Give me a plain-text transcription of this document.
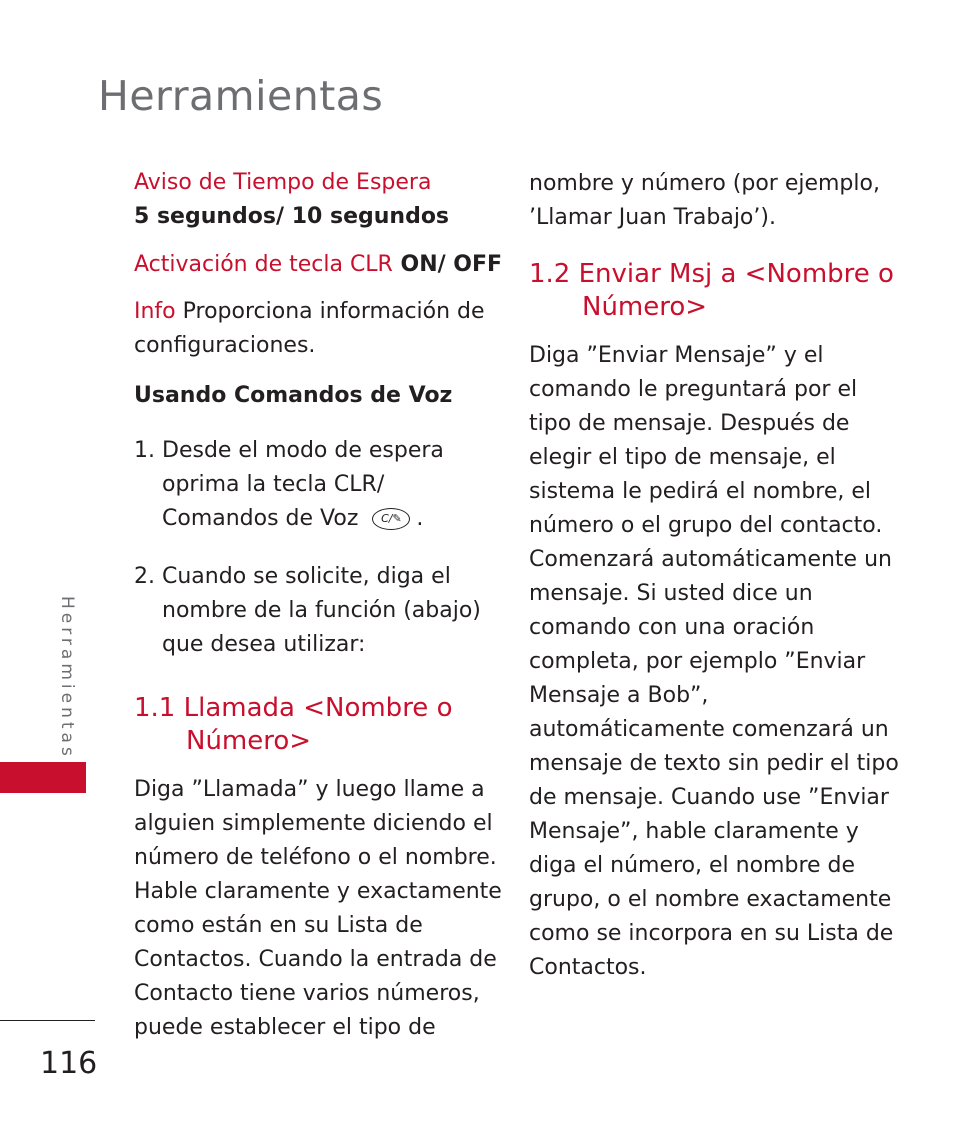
Herramientas
Herramientas
116
Aviso de Tiempo de Espera
5 segundos/ 10 segundos
Activación de tecla CLR ON/ OFF
Info Proporciona información de
configuraciones.
Usando Comandos de Voz
1. Desde el modo de espera
oprima la tecla CLR/
Comandos de Voz C/✎ .
2. Cuando se solicite, diga el
nombre de la función (abajo)
que desea utilizar:
1.1 Llamada <Nombre o
Número>
Diga ”Llamada” y luego llame a
alguien simplemente diciendo el
número de teléfono o el nombre.
Hable claramente y exactamente
como están en su Lista de
Contactos. Cuando la entrada de
Contacto tiene varios números,
puede establecer el tipo de
nombre y número (por ejemplo,
’Llamar Juan Trabajo’).
1.2 Enviar Msj a <Nombre o
Número>
Diga ”Enviar Mensaje” y el
comando le preguntará por el
tipo de mensaje. Después de
elegir el tipo de mensaje, el
sistema le pedirá el nombre, el
número o el grupo del contacto.
Comenzará automáticamente un
mensaje. Si usted dice un
comando con una oración
completa, por ejemplo ”Enviar
Mensaje a Bob”,
automáticamente comenzará un
mensaje de texto sin pedir el tipo
de mensaje. Cuando use ”Enviar
Mensaje”, hable claramente y
diga el número, el nombre de
grupo, o el nombre exactamente
como se incorpora en su Lista de
Contactos.
